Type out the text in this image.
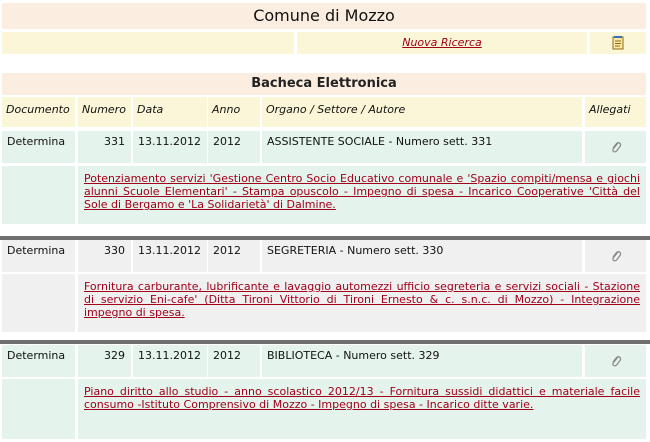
Comune di Mozzo
Nuova Ricerca
Bacheca Elettronica
Documento	Numero	Data	Anno	Organo / Settore / Autore	Allegati
Determina	331	13.11.2012	2012	ASSISTENTE SOCIALE - Numero sett. 331
Potenziamento servizi 'Gestione Centro Socio Educativo comunale e 'Spazio compiti/mensa e giochi alunni Scuole Elementari' - Stampa opuscolo - Impegno di spesa - Incarico Cooperative 'Città del Sole di Bergamo e 'La Solidarietà' di Dalmine.
Determina	330	13.11.2012	2012	SEGRETERIA - Numero sett. 330
Fornitura carburante, lubrificante e lavaggio automezzi ufficio segreteria e servizi sociali - Stazione di servizio Eni-cafe' (Ditta Tironi Vittorio di Tironi Ernesto & c. s.n.c. di Mozzo) - Integrazione impegno di spesa.
Determina	329	13.11.2012	2012	BIBLIOTECA - Numero sett. 329
Piano diritto allo studio - anno scolastico 2012/13 - Fornitura sussidi didattici e materiale facile consumo -Istituto Comprensivo di Mozzo - Impegno di spesa - Incarico ditte varie.
